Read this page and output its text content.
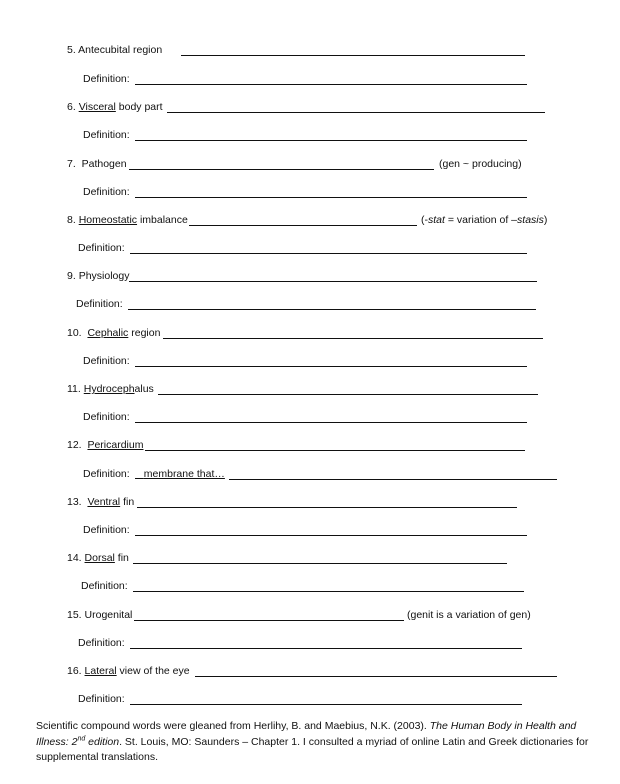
5. Antecubital region
Definition:
6. Visceral body part
Definition:
7. Pathogen	(gen ~ producing)
Definition:
8. Homeostatic imbalance	(-stat = variation of –stasis)
Definition:
9. Physiology
Definition:
10. Cephalic region
Definition:
11. Hydrocephalus
Definition:
12. Pericardium
Definition:	membrane that…
13. Ventral fin
Definition:
14. Dorsal fin
Definition:
15. Urogenital	(genit is a variation of gen)
Definition:
16. Lateral view of the eye
Definition:
Scientific compound words were gleaned from Herlihy, B. and Maebius, N.K. (2003). The Human Body in Health and Illness: 2nd edition. St. Louis, MO: Saunders – Chapter 1. I consulted a myriad of online Latin and Greek dictionaries for supplemental translations.
